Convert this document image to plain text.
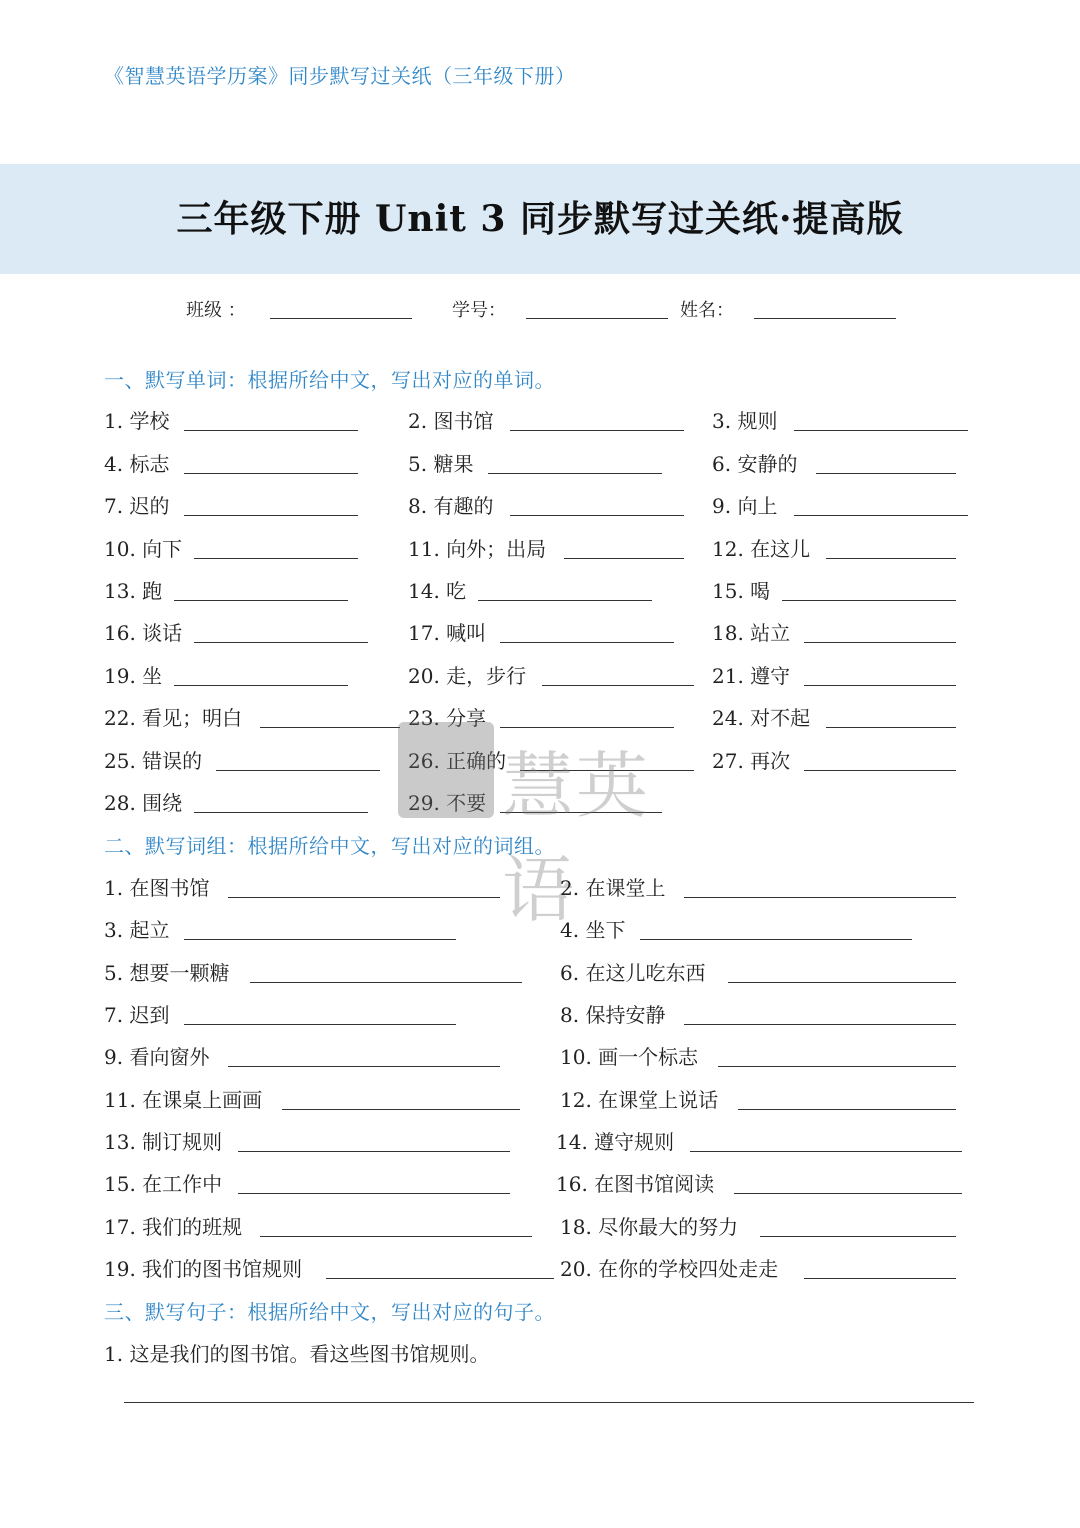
《智慧英语学历案》同步默写过关纸（三年级下册）
三年级下册 Unit 3 同步默写过关纸·提高版
班级 ：	学号：	姓名：
一、默写单词：根据所给中文，写出对应的单词。
1. 学校	2. 图书馆	3. 规则
4. 标志	5. 糖果	6. 安静的
7. 迟的	8. 有趣的	9. 向上
10. 向下	11. 向外；出局	12. 在这儿
13. 跑	14. 吃	15. 喝
16. 谈话	17. 喊叫	18. 站立
19. 坐	20. 走，步行	21. 遵守
22. 看见；明白	23. 分享	24. 对不起
25. 错误的	26. 正确的	27. 再次
28. 围绕	29. 不要 慧英语
二、默写词组：根据所给中文，写出对应的词组。
1. 在图书馆	2. 在课堂上
3. 起立	4. 坐下
5. 想要一颗糖	6. 在这儿吃东西
7. 迟到	8. 保持安静
9. 看向窗外	10. 画一个标志
11. 在课桌上画画	12. 在课堂上说话
13. 制订规则	14. 遵守规则
15. 在工作中	16. 在图书馆阅读
17. 我们的班规	18. 尽你最大的努力
19. 我们的图书馆规则	20. 在你的学校四处走走
三、默写句子：根据所给中文，写出对应的句子。
1. 这是我们的图书馆。看这些图书馆规则。
